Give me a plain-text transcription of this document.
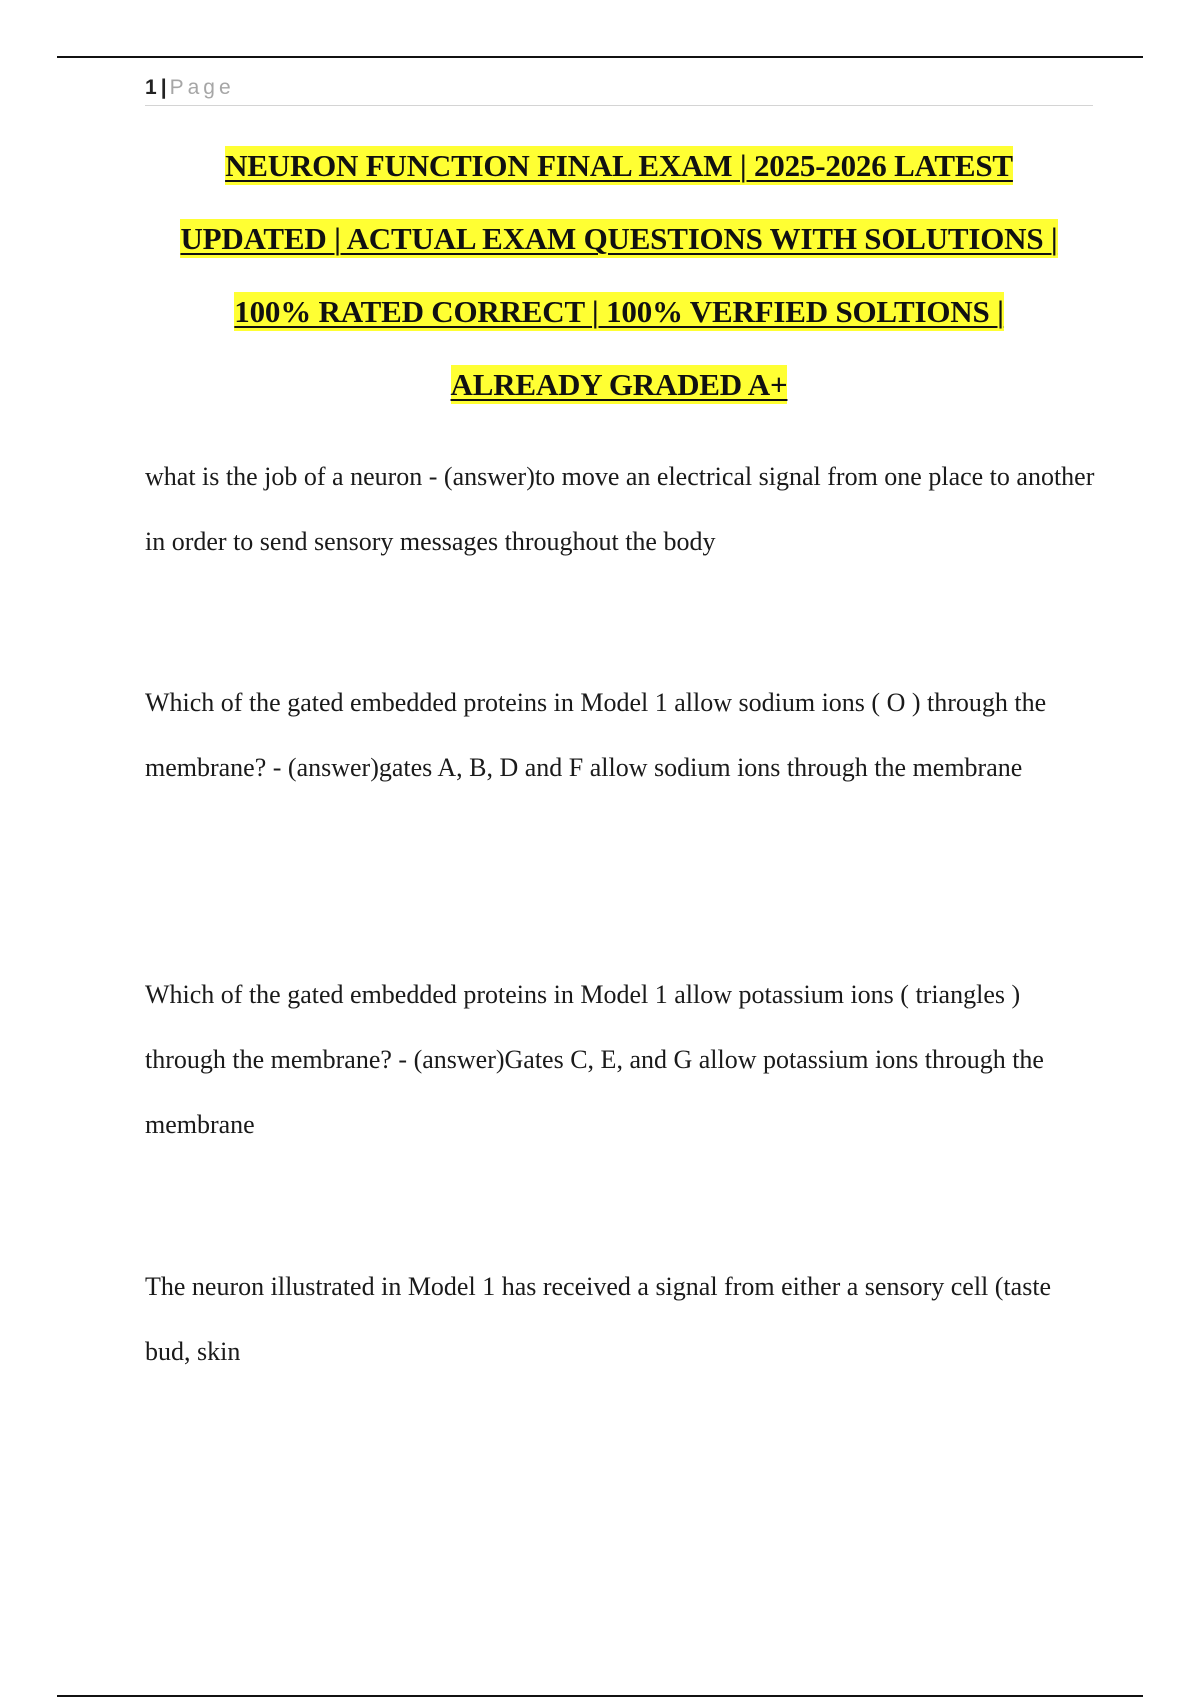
1 | Page
NEURON FUNCTION FINAL EXAM | 2025-2026 LATEST
UPDATED | ACTUAL EXAM QUESTIONS WITH SOLUTIONS |
100% RATED CORRECT | 100% VERFIED SOLTIONS |
ALREADY GRADED A+

what is the job of a neuron - (answer)to move an electrical signal from one place to another in order to send sensory messages throughout the body

Which of the gated embedded proteins in Model 1 allow sodium ions ( O ) through the membrane? - (answer)gates A, B, D and F allow sodium ions through the membrane

Which of the gated embedded proteins in Model 1 allow potassium ions ( triangles ) through the membrane? - (answer)Gates C, E, and G allow potassium ions through the membrane

The neuron illustrated in Model 1 has received a signal from either a sensory cell (taste bud, skin
